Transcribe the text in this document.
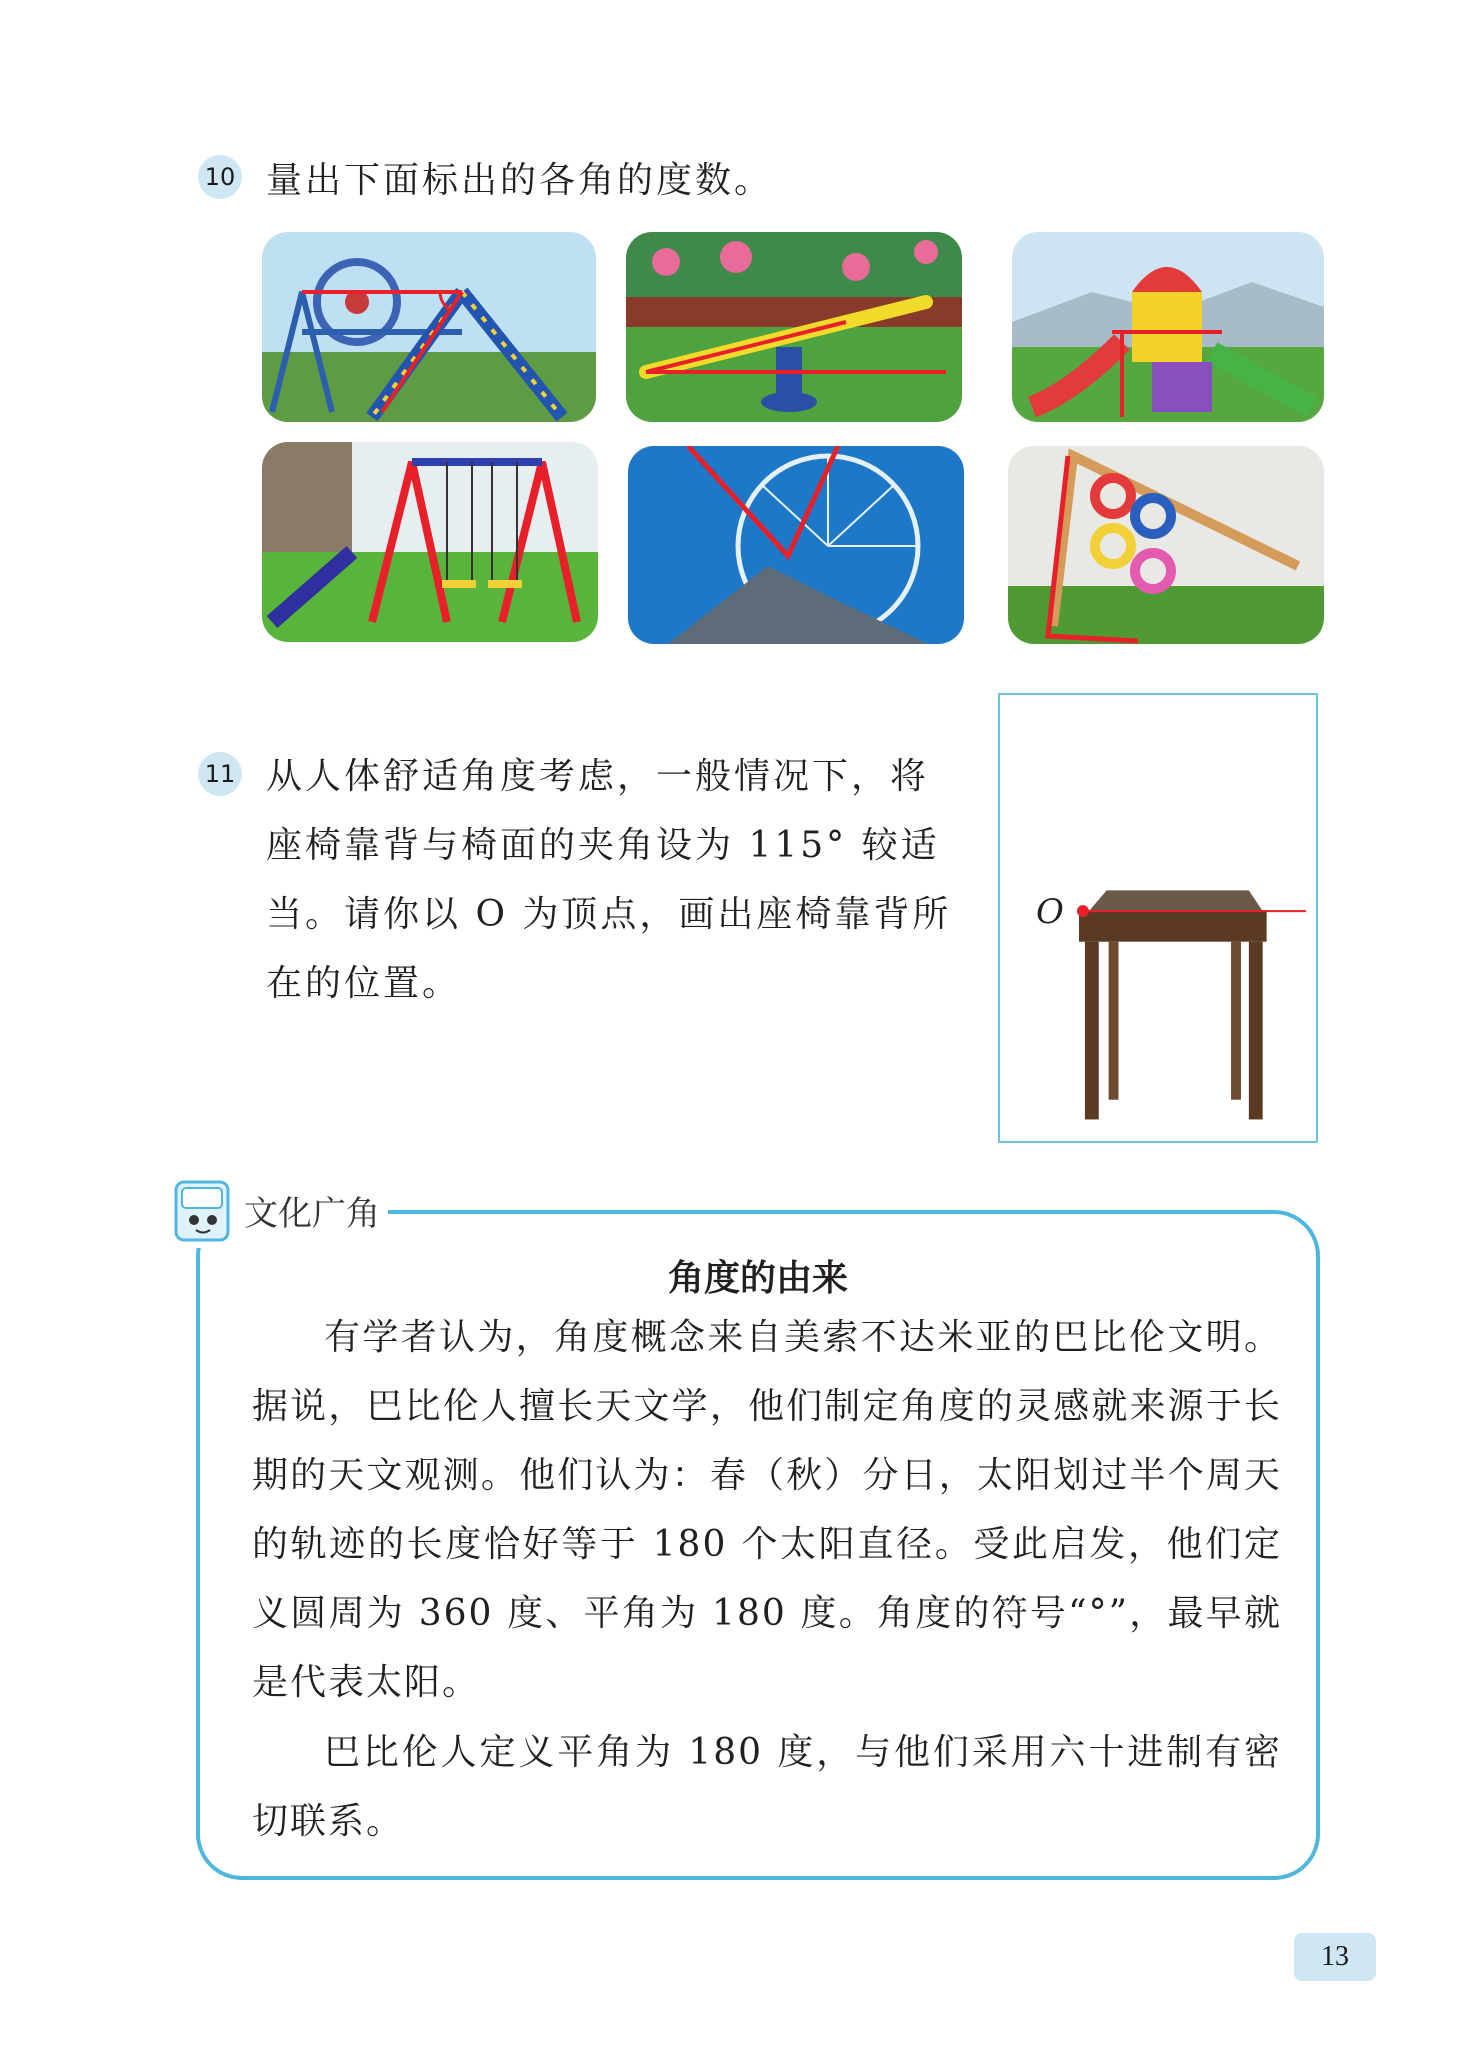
10 量出下面标出的各角的度数。
11 从人体舒适角度考虑，一般情况下，将
座椅靠背与椅面的夹角设为 115° 较适
当。请你以 O 为顶点，画出座椅靠背所
在的位置。
O
文化广角
角度的由来
有学者认为，角度概念来自美索不达米亚的巴比伦文明。据说，巴比伦人擅长天文学，他们制定角度的灵感就来源于长期的天文观测。他们认为：春（秋）分日，太阳划过半个周天的轨迹的长度恰好等于 180 个太阳直径。受此启发，他们定义圆周为 360 度、平角为 180 度。角度的符号“°”，最早就是代表太阳。
巴比伦人定义平角为 180 度，与他们采用六十进制有密切联系。
13
